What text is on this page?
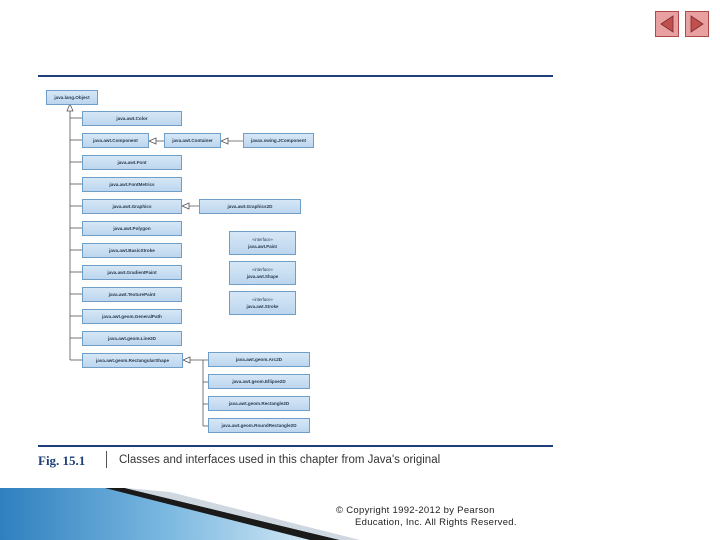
java.lang.Object
java.awt.Color
java.awt.Component	java.awt.Container	javax.swing.JComponent
java.awt.Font
java.awt.FontMetrics
java.awt.Graphics	java.awt.Graphics2D
java.awt.Polygon
java.awt.BasicStroke
java.awt.GradientPaint
java.awt.TexturePaint
java.awt.geom.GeneralPath
java.awt.geom.Line2D
java.awt.geom.RectangularShape	java.awt.geom.Arc2D
java.awt.geom.Ellipse2D
java.awt.geom.Rectangle2D
java.awt.geom.RoundRectangle2D
«interface»
java.awt.Paint
«interface»
java.awt.Shape
«interface»
java.awt.Stroke
Fig. 15.1	Classes and interfaces used in this chapter from Java's original
© Copyright 1992-2012 by Pearson
Education, Inc. All Rights Reserved.
